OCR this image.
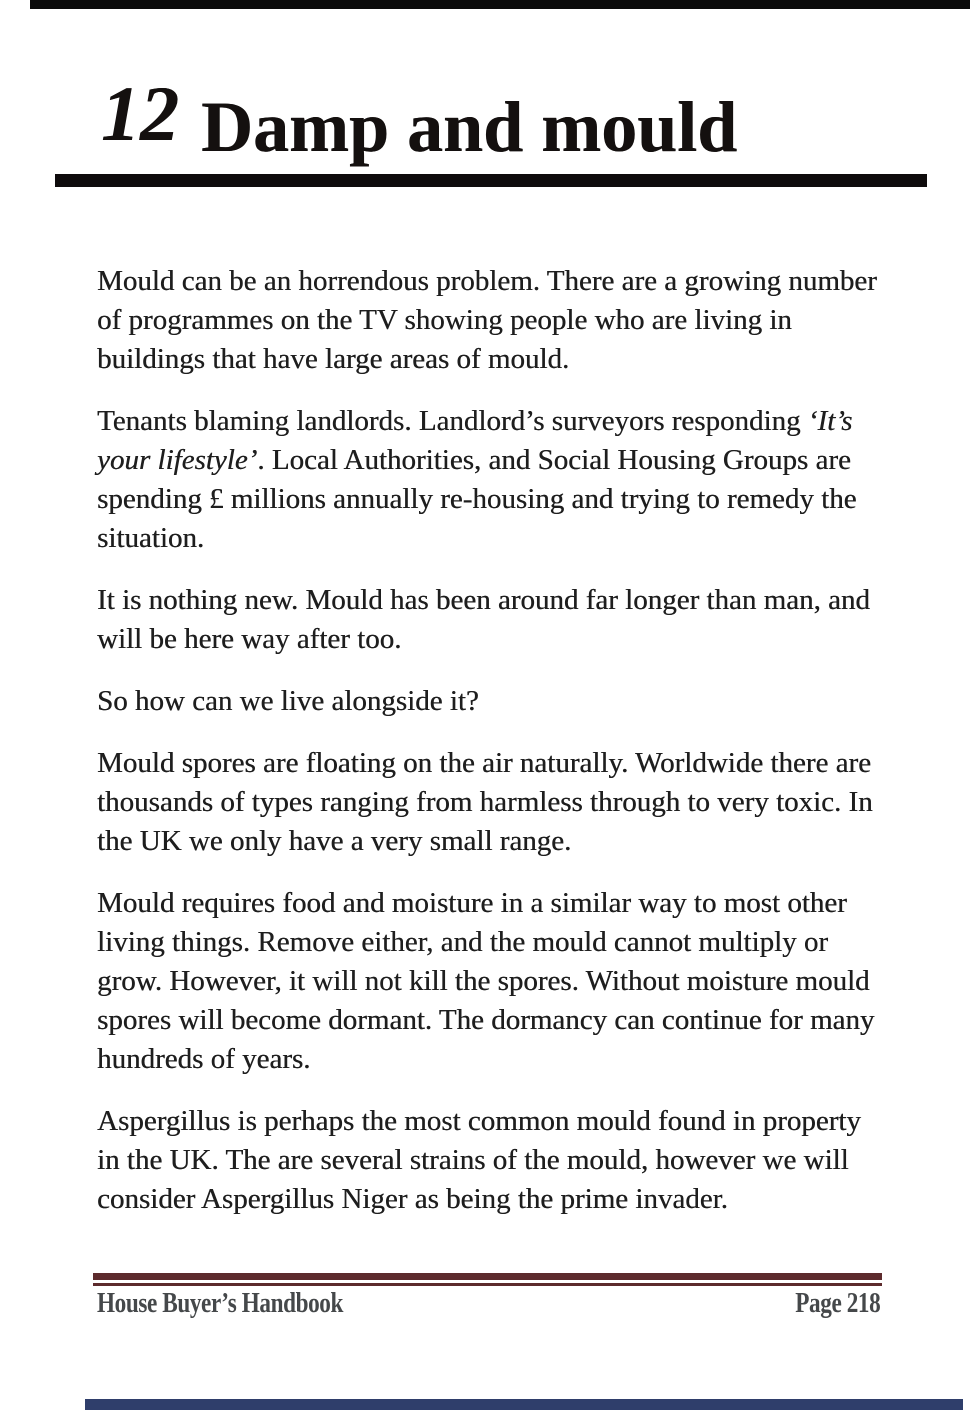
12 Damp and mould
Mould can be an horrendous problem. There are a growing number
of programmes on the TV showing people who are living in
buildings that have large areas of mould.
Tenants blaming landlords. Landlord’s surveyors responding ‘It’s
your lifestyle’. Local Authorities, and Social Housing Groups are
spending £ millions annually re-housing and trying to remedy the
situation.
It is nothing new. Mould has been around far longer than man, and
will be here way after too.
So how can we live alongside it?
Mould spores are floating on the air naturally. Worldwide there are
thousands of types ranging from harmless through to very toxic. In
the UK we only have a very small range.
Mould requires food and moisture in a similar way to most other
living things. Remove either, and the mould cannot multiply or
grow. However, it will not kill the spores. Without moisture mould
spores will become dormant. The dormancy can continue for many
hundreds of years.
Aspergillus is perhaps the most common mould found in property
in the UK. The are several strains of the mould, however we will
consider Aspergillus Niger as being the prime invader.
House Buyer’s Handbook	Page 218
